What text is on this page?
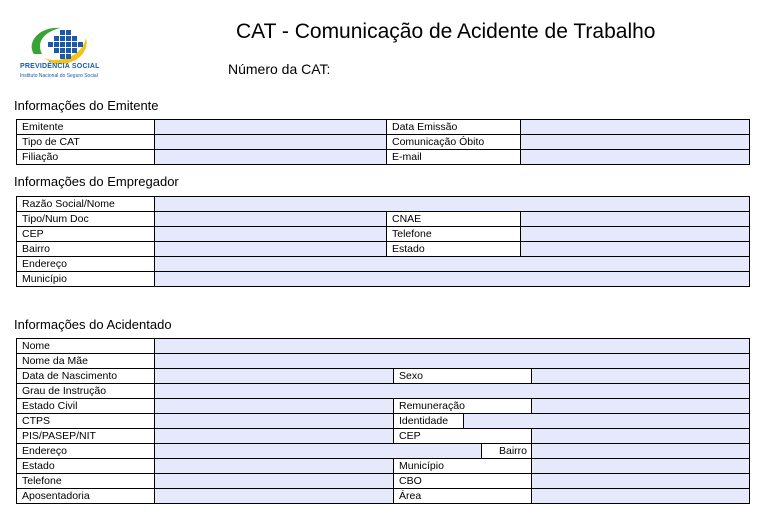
PREVIDÊNCIA SOCIAL
Instituto Nacional do Seguro Social
CAT - Comunicação de Acidente de Trabalho
Número da CAT:
Informações do Emitente
Emitente		Data Emissão	
Tipo de CAT		Comunicação Óbito	
Filiação		E-mail	
Informações do Empregador
Razão Social/Nome			
Tipo/Num Doc		CNAE	
CEP		Telefone	
Bairro		Estado	
Endereço			
Município			
Informações do Acidentado
Nome					
Nome da Mãe					
Data de Nascimento		Sexo			
Grau de Instrução					
Estado Civil		Remuneração			
CTPS		Identidade			
PIS/PASEP/NIT		CEP			
Endereço				Bairro	
Estado		Município			
Telefone		CBO			
Aposentadoria		Área			
